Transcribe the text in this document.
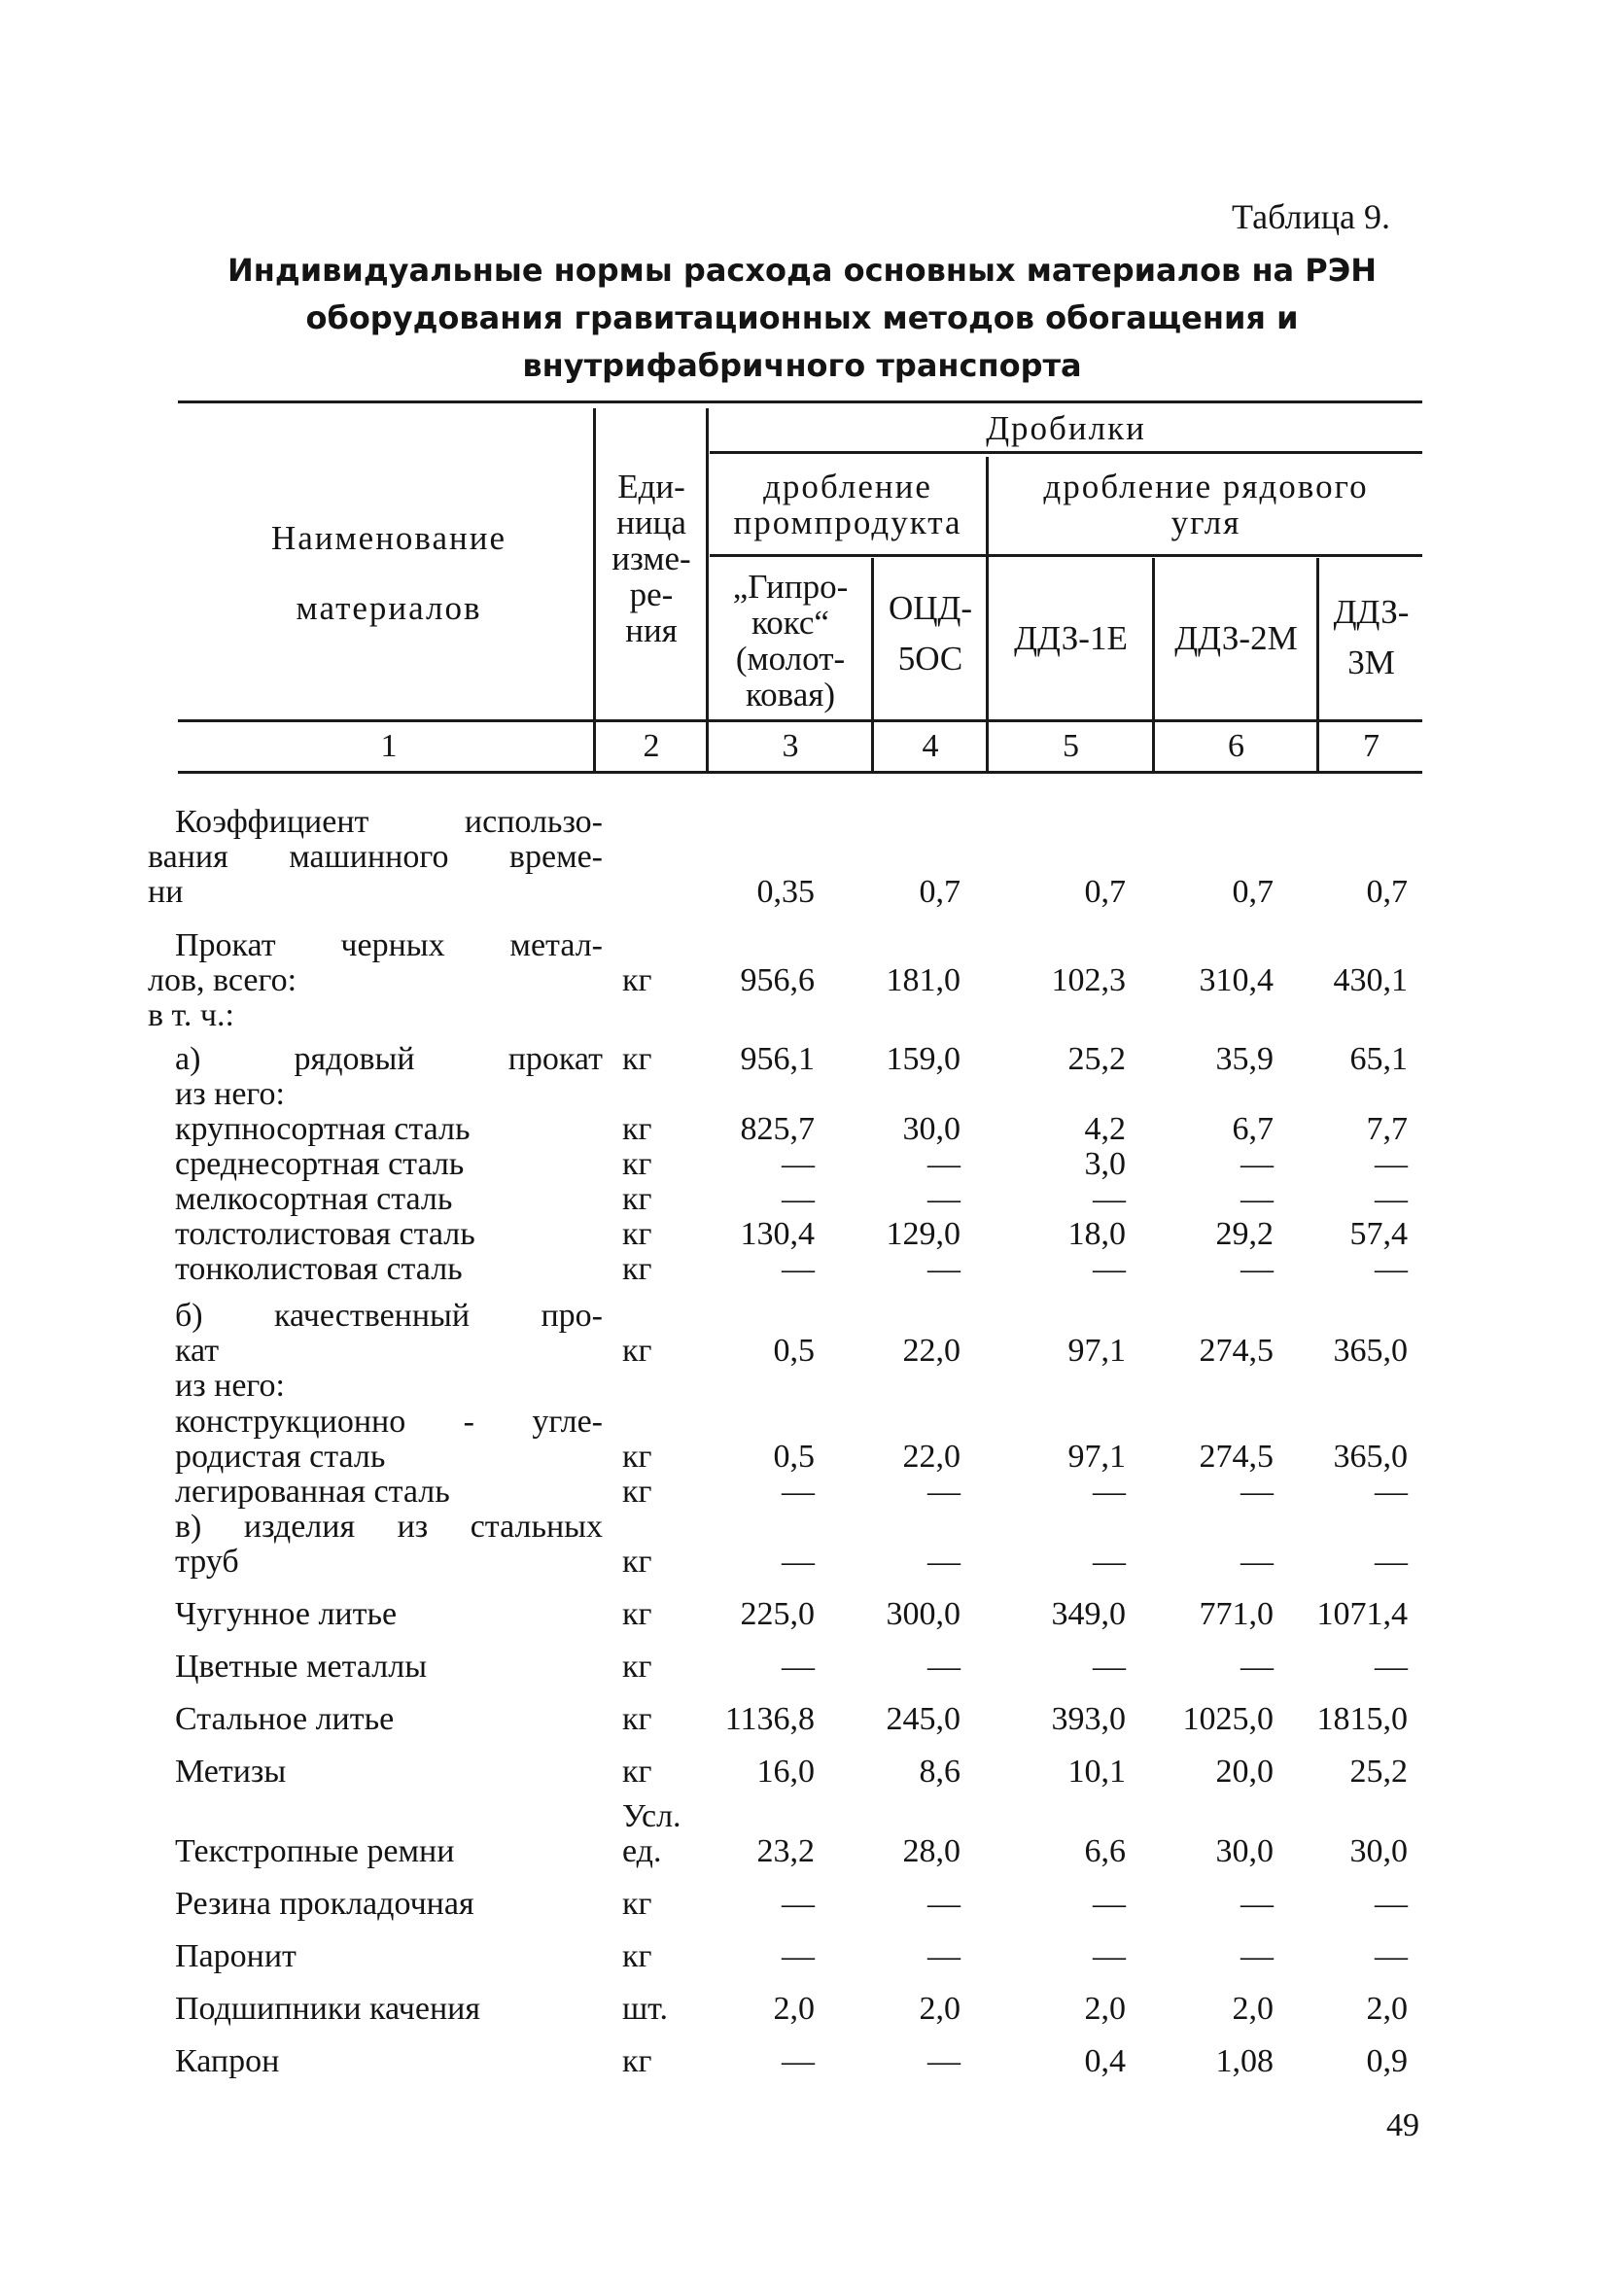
Таблица 9.
Индивидуальные нормы расхода основных материалов на РЭН оборудования гравитационных методов обогащения и внутрифабричного транспорта
Наименование
материалов
Еди-
ница
изме-
ре-
ния
Дробилки
дробление
промпродукта
дробление рядового
угля
„Гипро-
кокс“
(молот-
ковая)
ОЦД-
5ОС
ДДЗ-1Е	ДДЗ-2М
ДДЗ-
3М
1	2	3	4	5	6	7
Коэффициент использо-
вания машинного време-
ни	0,35	0,7	0,7	0,7	0,7
Прокат черных метал-
лов, всего:
в т. ч.:
кг	956,6	181,0	102,3	310,4	430,1
а) рядовый прокат
из него:
кг	956,1	159,0	25,2	35,9	65,1
крупносортная сталь	кг	825,7	30,0	4,2	6,7	7,7
среднесортная сталь	кг	—	—	3,0	—	—
мелкосортная сталь	кг	—	—	—	—	—
толстолистовая сталь	кг	130,4	129,0	18,0	29,2	57,4
тонколистовая сталь	кг	—	—	—	—	—
б) качественный про-
кат
из него:
кг	0,5	22,0	97,1	274,5	365,0
конструкционно - угле-
родистая сталь	кг	0,5	22,0	97,1	274,5	365,0
легированная сталь	кг	—	—	—	—	—
в) изделия из стальных
труб	кг	—	—	—	—	—
Чугунное литье	кг	225,0	300,0	349,0	771,0	1071,4
Цветные металлы	кг	—	—	—	—	—
Стальное литье	кг	1136,8	245,0	393,0	1025,0	1815,0
Метизы	кг	16,0	8,6	10,1	20,0	25,2
Текстропные ремни
Усл. ед.	23,2	28,0	6,6	30,0	30,0
Резина прокладочная	кг	—	—	—	—	—
Паронит	кг	—	—	—	—	—
Подшипники качения	шт.	2,0	2,0	2,0	2,0	2,0
Капрон	кг	—	—	0,4	1,08	0,9
49
